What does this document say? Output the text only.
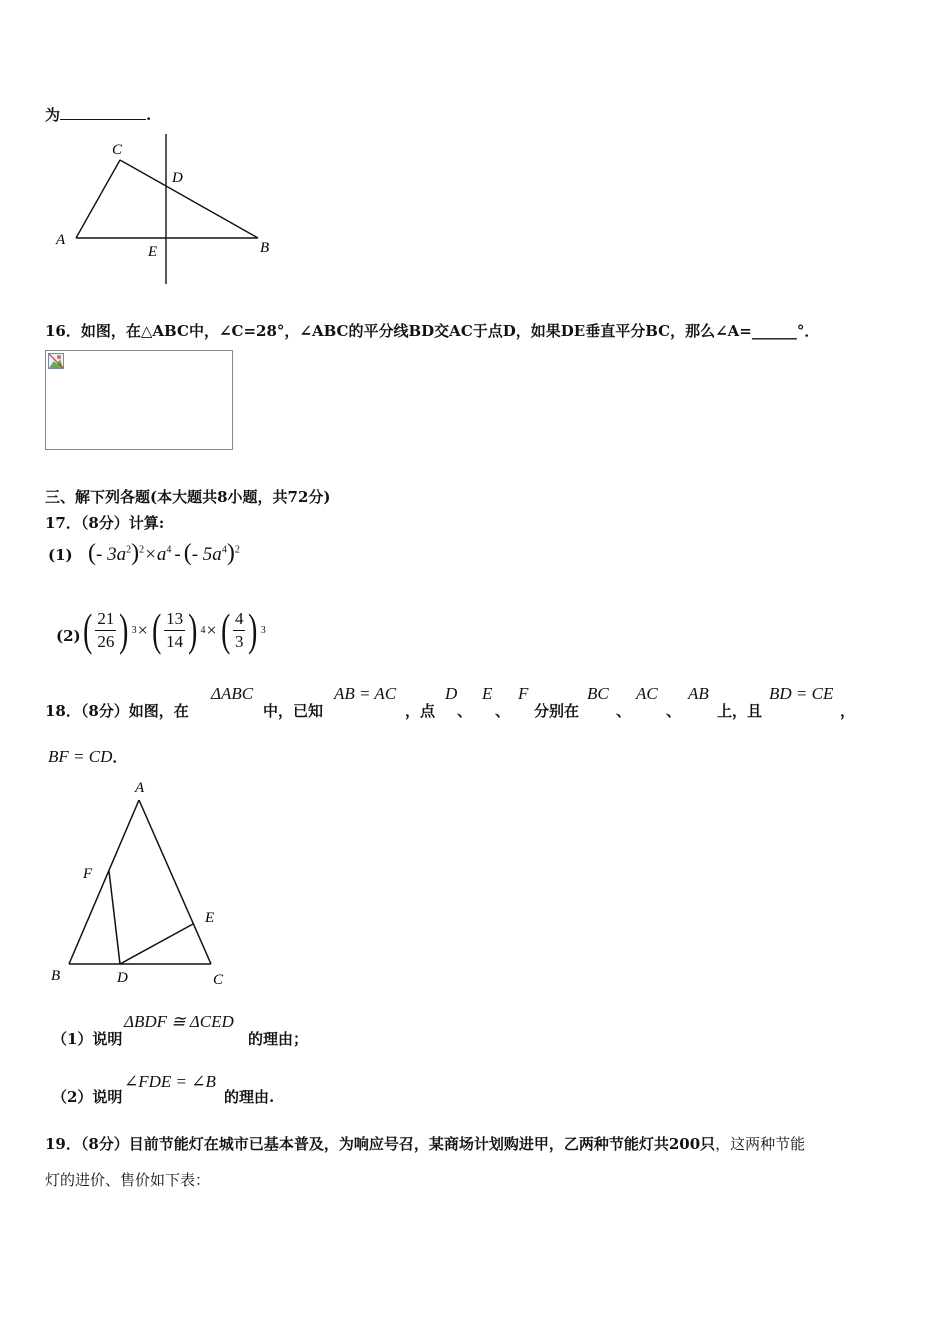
为	.
A	B
C
D
E
16．如图，在△ABC中，∠C=28°，∠ABC的平分线BD交AC于点D，如果DE垂直平分BC，那么∠A=______°．
三、解下列各题(本大题共8小题，共72分)
17．（8分）计算:
(1) (- $3a^2)^2\times a^4$ - (- $5a^4)^2$
(2) ( $\frac{21}{26}$ ) 3 × ( $\frac{13}{14}$ ) 4 × ( $\frac{4}{3}$ ) 3
18．（8分）如图，在
ΔABC
中，已知
AB = AC
，点
D
、
E
、
F
分别在
BC
、
AC
、
AB
上，且
BD = CE
，
BF = CD．
A
B	C
D
E
F
（1）说明
ΔBDF ≅ ΔCED
的理由；
（2）说明
∠FDE = ∠B
的理由.
19．（8分）目前节能灯在城市已基本普及，为响应号召，某商场计划购进甲，乙两种节能灯共200只，这两种节能
灯的进价、售价如下表：
